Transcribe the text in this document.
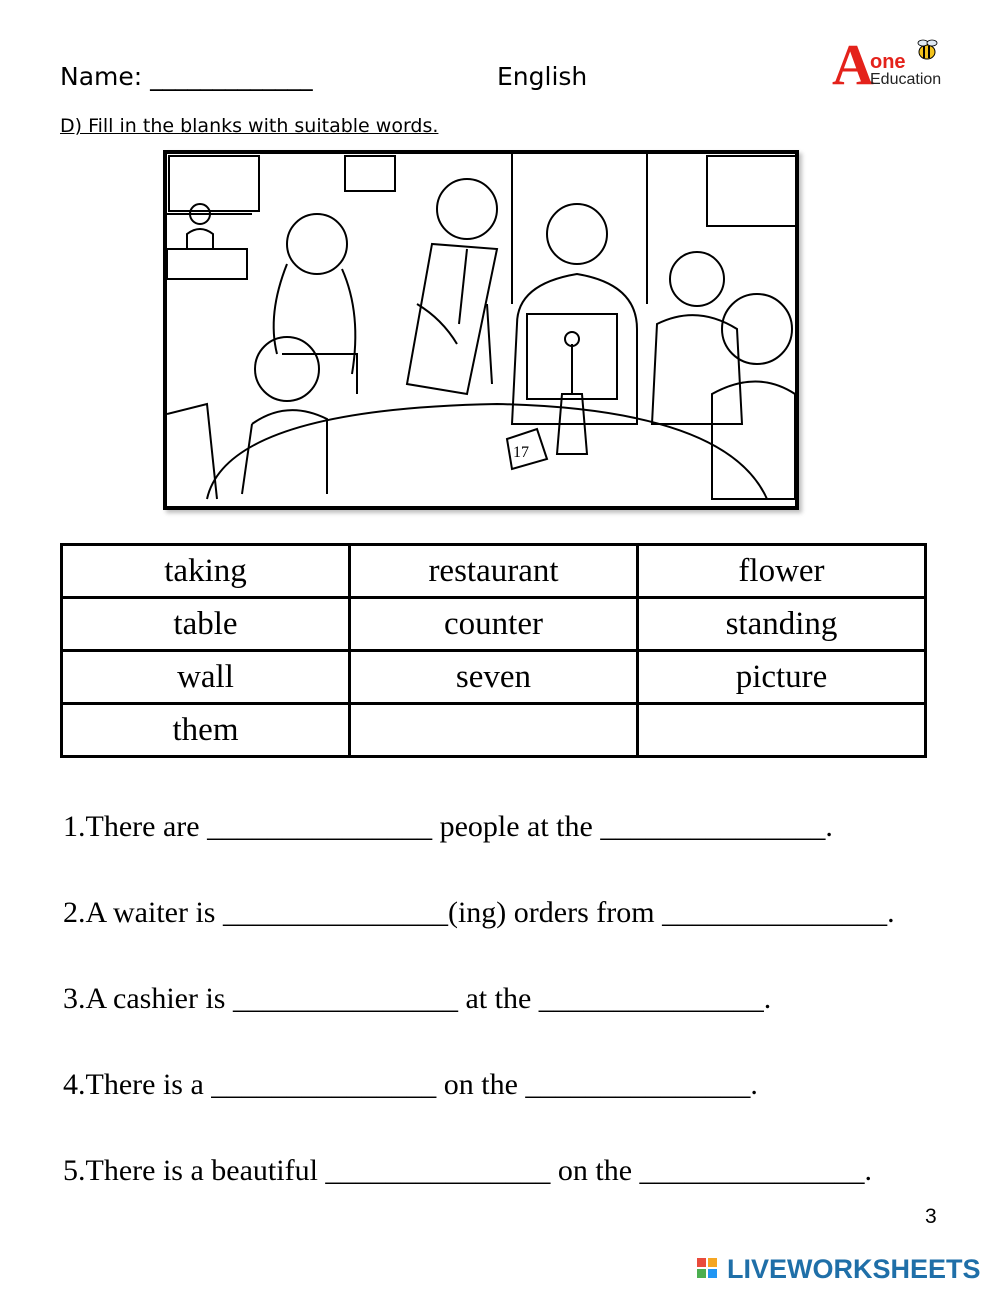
Name: _____________	English	A
one
Education
D) Fill in the blanks with suitable words.
17
taking	restaurant	flower
table	counter	standing
wall	seven	picture
them		
1.There are _______________ people at the _______________.
2.A waiter is _______________(ing) orders from _______________.
3.A cashier is _______________ at the _______________.
4.There is a _______________ on the _______________.
5.There is a beautiful _______________ on the _______________.
3
LIVEWORKSHEETS
